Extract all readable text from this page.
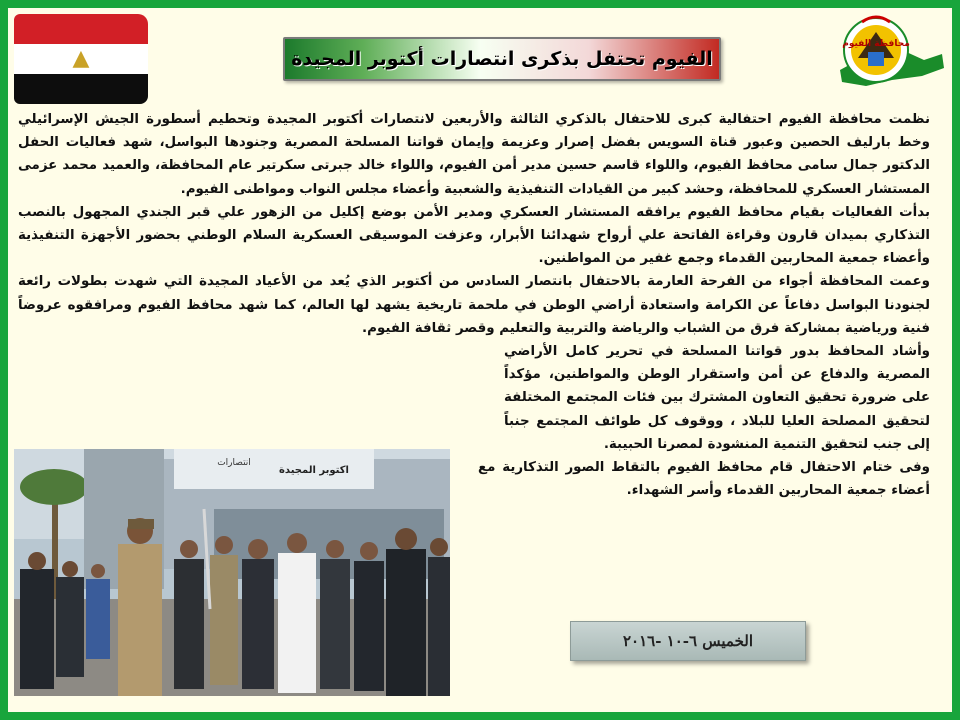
▲	الفيوم تحتفل بذكرى انتصارات أكتوبر المجيدة
محافظة الفيوم

نظمت محافظة الفيوم احتفالية كبرى للاحتفال بالذكري الثالثة والأربعين لانتصارات أكتوبر المجيدة وتحطيم أسطورة الجيش الإسرائيلي وخط بارليف الحصين وعبور قناة السويس بفضل إصرار وعزيمة وإيمان قواتنا المسلحة المصرية وجنودها البواسل، شهد فعاليات الحفل الدكتور جمال سامى محافظ الفيوم، واللواء قاسم حسين مدير أمن الفيوم، واللواء خالد جبرتى سكرتير عام المحافظة، والعميد محمد عزمى المستشار العسكري للمحافظة، وحشد كبير من القيادات التنفيذية والشعبية وأعضاء مجلس النواب ومواطنى الفيوم.

بدأت الفعاليات بقيام محافظ الفيوم يرافقه المستشار العسكري ومدير الأمن بوضع إكليل من الزهور علي قبر الجندي المجهول بالنصب التذكاري بميدان قارون وقراءة الفاتحة علي أرواح شهدائنا الأبرار، وعزفت الموسيقى العسكرية السلام الوطني بحضور الأجهزة التنفيذية وأعضاء جمعية المحاربين القدماء وجمع غفير من المواطنين.

وعمت المحافظة أجواء من الفرحة العارمة بالاحتفال بانتصار السادس من أكتوبر الذي يُعد من الأعياد المجيدة التي شهدت بطولات رائعة لجنودنا البواسل دفاعاً عن الكرامة واستعادة أراضي الوطن في ملحمة تاريخية يشهد لها العالم، كما شهد محافظ الفيوم ومرافقوه عروضاً فنية ورياضية بمشاركة فرق من الشباب والرياضة والتربية والتعليم وقصر ثقافة الفيوم.

وأشاد المحافظ بدور قواتنا المسلحة في تحرير كامل الأراضي المصرية والدفاع عن أمن واستقرار الوطن والمواطنين، مؤكداً على ضرورة تحقيق التعاون المشترك بين فئات المجتمع المختلفة لتحقيق المصلحة العليا للبلاد ، ووقوف كل طوائف المجتمع جنباً إلى جنب لتحقيق التنمية المنشودة لمصرنا الحبيبة.

وفى ختام الاحتفال قام محافظ الفيوم بالتقاط الصور التذكارية مع أعضاء جمعية المحاربين القدماء وأسر الشهداء.

اكتوبر المجيدة
انتصارات
الخميس ٦-١٠ -٢٠١٦
